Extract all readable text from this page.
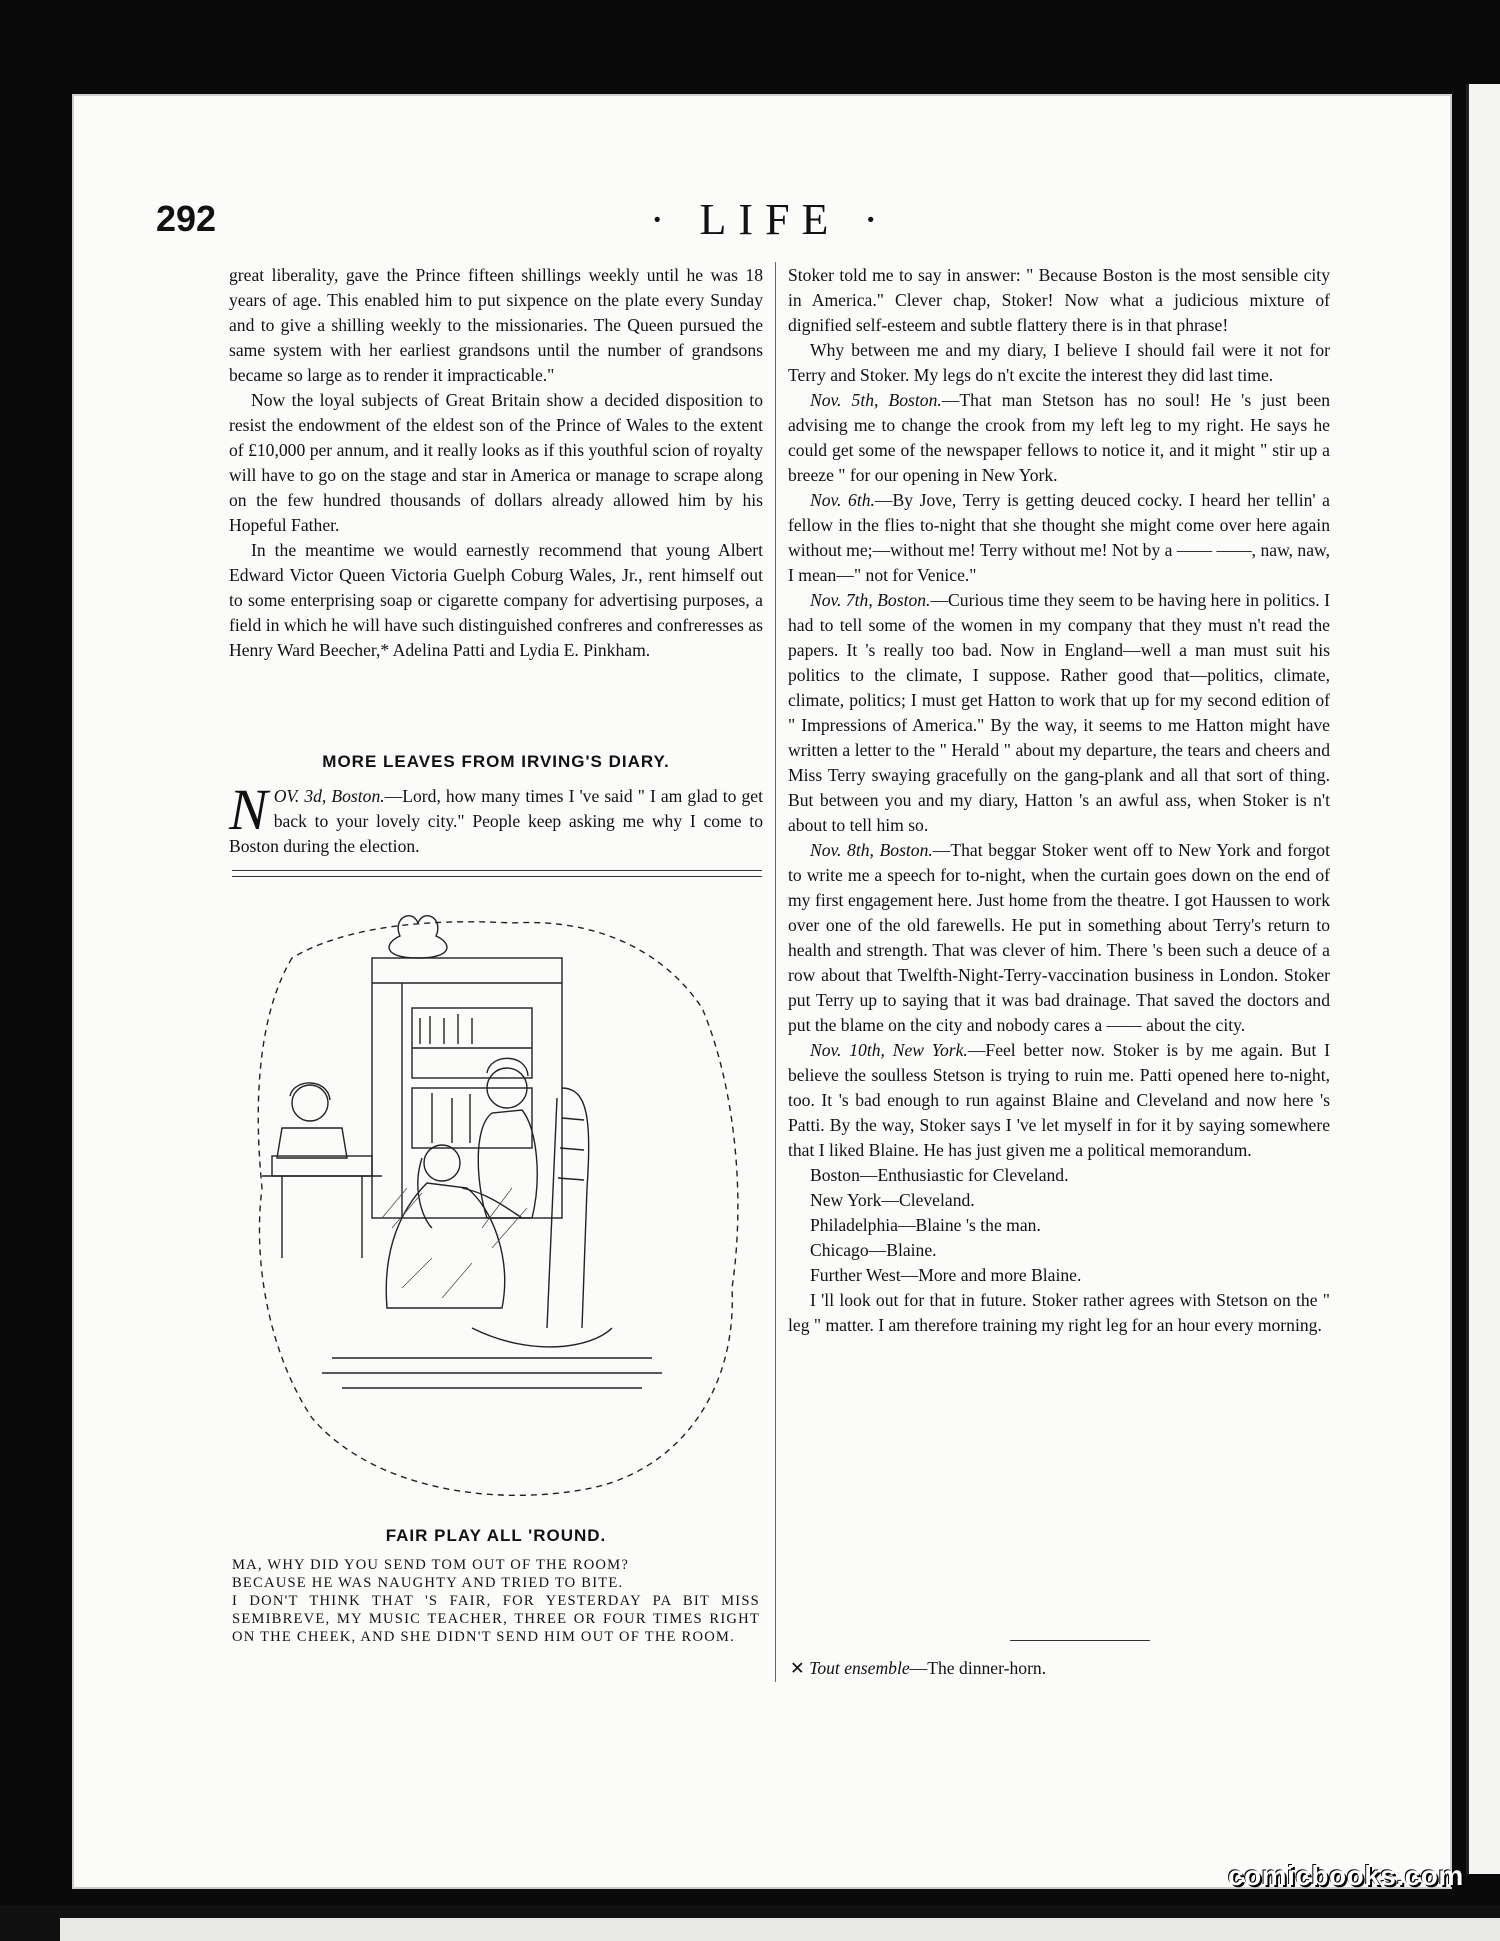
292	· LIFE ·

great liberality, gave the Prince fifteen shillings weekly until he was 18 years of age. This enabled him to put sixpence on the plate every Sunday and to give a shilling weekly to the missionaries. The Queen pursued the same system with her earliest grandsons until the number of grandsons became so large as to render it impracticable."

Now the loyal subjects of Great Britain show a decided disposition to resist the endowment of the eldest son of the Prince of Wales to the extent of £10,000 per annum, and it really looks as if this youthful scion of royalty will have to go on the stage and star in America or manage to scrape along on the few hundred thousands of dollars already allowed him by his Hopeful Father.

In the meantime we would earnestly recommend that young Albert Edward Victor Queen Victoria Guelph Coburg Wales, Jr., rent himself out to some enterprising soap or cigarette company for advertising purposes, a field in which he will have such distinguished confreres and confreresses as Henry Ward Beecher,* Adelina Patti and Lydia E. Pinkham.

MORE LEAVES FROM IRVING'S DIARY.
NOV. 3d, Boston.—Lord, how many times I 've said " I am glad to get back to your lovely city." People keep asking me why I come to Boston during the election.
FAIR PLAY ALL 'ROUND.

MA, WHY DID YOU SEND TOM OUT OF THE ROOM?

BECAUSE HE WAS NAUGHTY AND TRIED TO BITE.

I DON'T THINK THAT 'S FAIR, FOR YESTERDAY PA BIT MISS SEMIBREVE, MY MUSIC TEACHER, THREE OR FOUR TIMES RIGHT ON THE CHEEK, AND SHE DIDN'T SEND HIM OUT OF THE ROOM.

Stoker told me to say in answer: " Because Boston is the most sensible city in America." Clever chap, Stoker! Now what a judicious mixture of dignified self-esteem and subtle flattery there is in that phrase!

Why between me and my diary, I believe I should fail were it not for Terry and Stoker. My legs do n't excite the interest they did last time.

Nov. 5th, Boston.—That man Stetson has no soul! He 's just been advising me to change the crook from my left leg to my right. He says he could get some of the newspaper fellows to notice it, and it might " stir up a breeze " for our opening in New York.

Nov. 6th.—By Jove, Terry is getting deuced cocky. I heard her tellin' a fellow in the flies to-night that she thought she might come over here again without me;—without me! Terry without me! Not by a —— ——, naw, naw, I mean—" not for Venice."

Nov. 7th, Boston.—Curious time they seem to be having here in politics. I had to tell some of the women in my company that they must n't read the papers. It 's really too bad. Now in England—well a man must suit his politics to the climate, I suppose. Rather good that—politics, climate, climate, politics; I must get Hatton to work that up for my second edition of " Impressions of America." By the way, it seems to me Hatton might have written a letter to the " Herald " about my departure, the tears and cheers and Miss Terry swaying gracefully on the gang-plank and all that sort of thing. But between you and my diary, Hatton 's an awful ass, when Stoker is n't about to tell him so.

Nov. 8th, Boston.—That beggar Stoker went off to New York and forgot to write me a speech for to-night, when the curtain goes down on the end of my first engagement here. Just home from the theatre. I got Haussen to work over one of the old farewells. He put in something about Terry's return to health and strength. That was clever of him. There 's been such a deuce of a row about that Twelfth-Night-Terry-vaccination business in London. Stoker put Terry up to saying that it was bad drainage. That saved the doctors and put the blame on the city and nobody cares a —— about the city.

Nov. 10th, New York.—Feel better now. Stoker is by me again. But I believe the soulless Stetson is trying to ruin me. Patti opened here to-night, too. It 's bad enough to run against Blaine and Cleveland and now here 's Patti. By the way, Stoker says I 've let myself in for it by saying somewhere that I liked Blaine. He has just given me a political memorandum.

Boston—Enthusiastic for Cleveland.

New York—Cleveland.

Philadelphia—Blaine 's the man.

Chicago—Blaine.

Further West—More and more Blaine.

I 'll look out for that in future. Stoker rather agrees with Stetson on the " leg " matter. I am therefore training my right leg for an hour every morning.

✕ Tout ensemble—The dinner-horn.
comicbooks.com
